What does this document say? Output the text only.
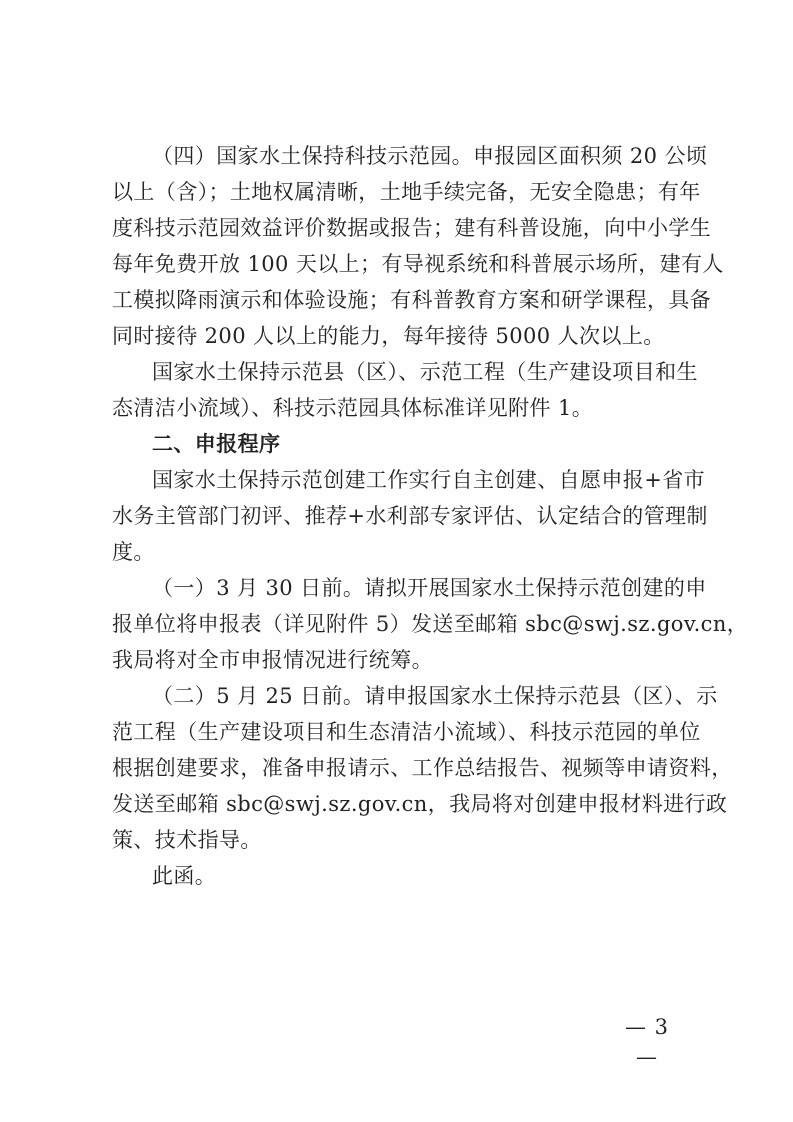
（四）国家水土保持科技示范园。申报园区面积须 20 公顷
以上（含）；土地权属清晰，土地手续完备，无安全隐患；有年
度科技示范园效益评价数据或报告；建有科普设施，向中小学生
每年免费开放 100 天以上；有导视系统和科普展示场所，建有人
工模拟降雨演示和体验设施；有科普教育方案和研学课程，具备
同时接待 200 人以上的能力，每年接待 5000 人次以上。
国家水土保持示范县（区）、示范工程（生产建设项目和生
态清洁小流域）、科技示范园具体标准详见附件 1。
二、申报程序
国家水土保持示范创建工作实行自主创建、自愿申报+省市
水务主管部门初评、推荐+水利部专家评估、认定结合的管理制
度。
（一）3 月 30 日前。请拟开展国家水土保持示范创建的申
报单位将申报表（详见附件 5）发送至邮箱 sbc@swj.sz.gov.cn，
我局将对全市申报情况进行统筹。
（二）5 月 25 日前。请申报国家水土保持示范县（区）、示
范工程（生产建设项目和生态清洁小流域）、科技示范园的单位
根据创建要求，准备申报请示、工作总结报告、视频等申请资料，
发送至邮箱 sbc@swj.sz.gov.cn，我局将对创建申报材料进行政
策、技术指导。
此函。
— 3 —
